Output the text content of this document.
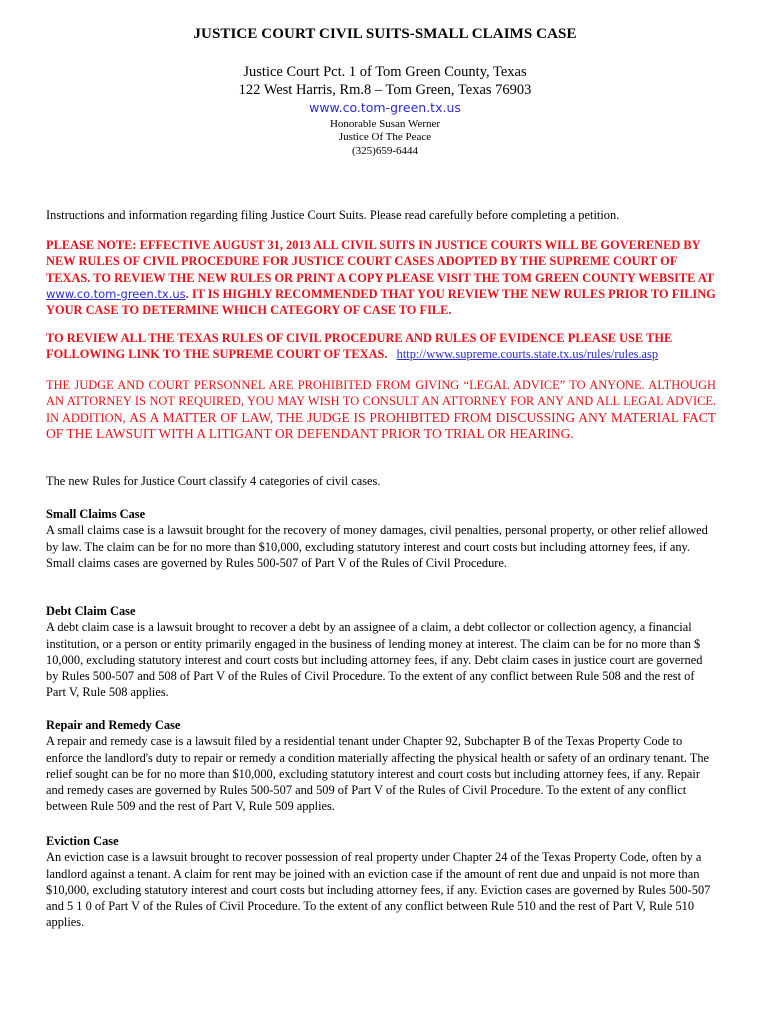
JUSTICE COURT CIVIL SUITS-SMALL CLAIMS CASE
Justice Court Pct. 1 of Tom Green County, Texas
122 West Harris, Rm.8 – Tom Green, Texas 76903
www.co.tom-green.tx.us
Honorable Susan Werner
Justice Of The Peace
(325)659-6444
Instructions and information regarding filing Justice Court Suits. Please read carefully before completing a petition.
PLEASE NOTE: EFFECTIVE AUGUST 31, 2013 ALL CIVIL SUITS IN JUSTICE COURTS WILL BE GOVERENED BY NEW RULES OF CIVIL PROCEDURE FOR JUSTICE COURT CASES ADOPTED BY THE SUPREME COURT OF TEXAS. TO REVIEW THE NEW RULES OR PRINT A COPY PLEASE VISIT THE TOM GREEN COUNTY WEBSITE AT www.co.tom-green.tx.us. IT IS HIGHLY RECOMMENDED THAT YOU REVIEW THE NEW RULES PRIOR TO FILING YOUR CASE TO DETERMINE WHICH CATEGORY OF CASE TO FILE.
TO REVIEW ALL THE TEXAS RULES OF CIVIL PROCEDURE AND RULES OF EVIDENCE PLEASE USE THE FOLLOWING LINK TO THE SUPREME COURT OF TEXAS. http://www.supreme.courts.state.tx.us/rules/rules.asp
THE JUDGE AND COURT PERSONNEL ARE PROHIBITED FROM GIVING “LEGAL ADVICE” TO ANYONE. ALTHOUGH AN ATTORNEY IS NOT REQUIRED, YOU MAY WISH TO CONSULT AN ATTORNEY FOR ANY AND ALL LEGAL ADVICE. IN ADDITION, AS A MATTER OF LAW, THE JUDGE IS PROHIBITED FROM DISCUSSING ANY MATERIAL FACT OF THE LAWSUIT WITH A LITIGANT OR DEFENDANT PRIOR TO TRIAL OR HEARING.
The new Rules for Justice Court classify 4 categories of civil cases.
Small Claims Case
A small claims case is a lawsuit brought for the recovery of money damages, civil penalties, personal property, or other relief allowed by law. The claim can be for no more than $10,000, excluding statutory interest and court costs but including attorney fees, if any. Small claims cases are governed by Rules 500-507 of Part V of the Rules of Civil Procedure.
Debt Claim Case
A debt claim case is a lawsuit brought to recover a debt by an assignee of a claim, a debt collector or collection agency, a financial institution, or a person or entity primarily engaged in the business of lending money at interest. The claim can be for no more than $ 10,000, excluding statutory interest and court costs but including attorney fees, if any. Debt claim cases in justice court are governed by Rules 500-507 and 508 of Part V of the Rules of Civil Procedure. To the extent of any conflict between Rule 508 and the rest of Part V, Rule 508 applies.
Repair and Remedy Case
A repair and remedy case is a lawsuit filed by a residential tenant under Chapter 92, Subchapter B of the Texas Property Code to enforce the landlord's duty to repair or remedy a condition materially affecting the physical health or safety of an ordinary tenant. The relief sought can be for no more than $10,000, excluding statutory interest and court costs but including attorney fees, if any. Repair and remedy cases are governed by Rules 500-507 and 509 of Part V of the Rules of Civil Procedure. To the extent of any conflict between Rule 509 and the rest of Part V, Rule 509 applies.
Eviction Case
An eviction case is a lawsuit brought to recover possession of real property under Chapter 24 of the Texas Property Code, often by a landlord against a tenant. A claim for rent may be joined with an eviction case if the amount of rent due and unpaid is not more than $10,000, excluding statutory interest and court costs but including attorney fees, if any. Eviction cases are governed by Rules 500-507 and 5 1 0 of Part V of the Rules of Civil Procedure. To the extent of any conflict between Rule 510 and the rest of Part V, Rule 510 applies.
